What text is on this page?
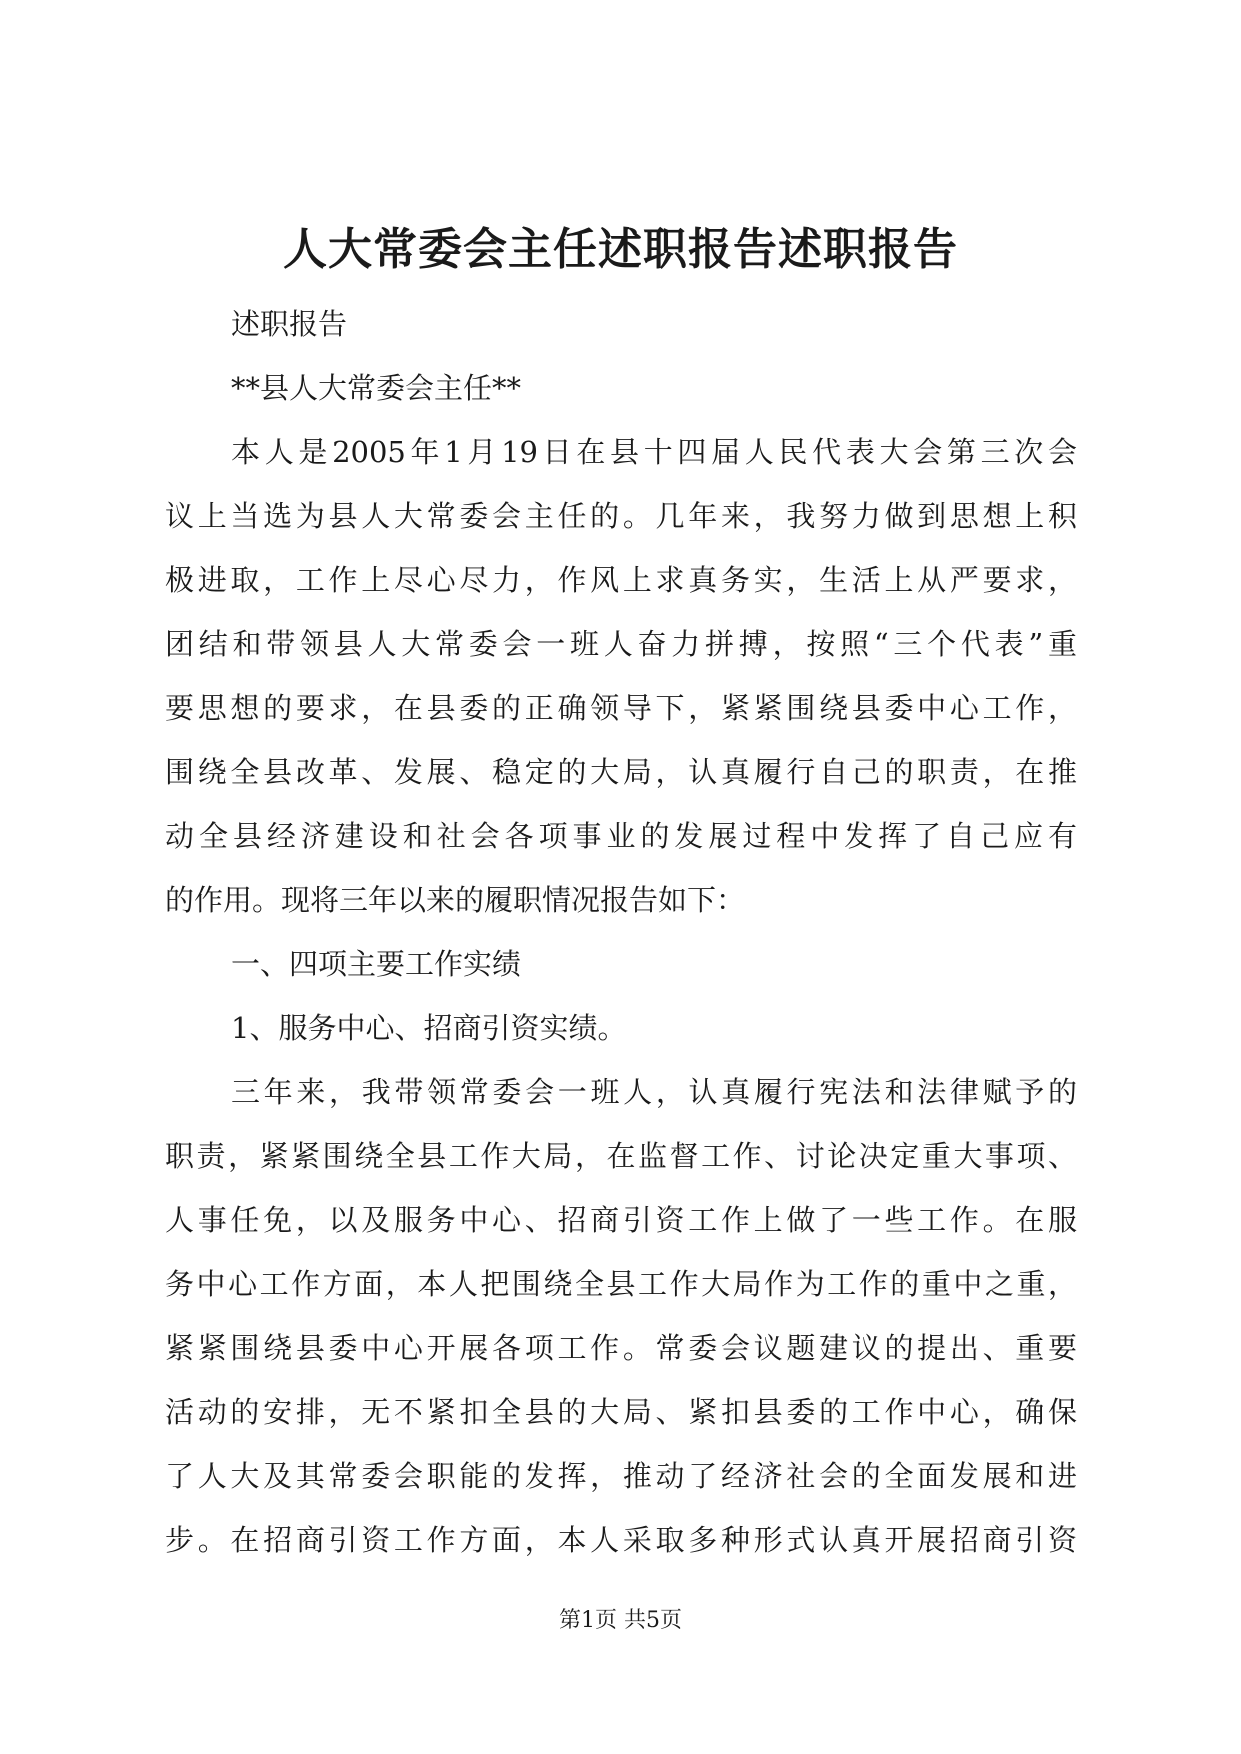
人大常委会主任述职报告述职报告
述职报告
**县人大常委会主任**
本人是2005年1月19日在县十四届人民代表大会第三次会
议上当选为县人大常委会主任的。几年来，我努力做到思想上积
极进取，工作上尽心尽力，作风上求真务实，生活上从严要求，
团结和带领县人大常委会一班人奋力拼搏，按照“三个代表”重
要思想的要求，在县委的正确领导下，紧紧围绕县委中心工作，
围绕全县改革、发展、稳定的大局，认真履行自己的职责，在推
动全县经济建设和社会各项事业的发展过程中发挥了自己应有
的作用。现将三年以来的履职情况报告如下：
一、四项主要工作实绩
1、服务中心、招商引资实绩。
三年来，我带领常委会一班人，认真履行宪法和法律赋予的
职责，紧紧围绕全县工作大局，在监督工作、讨论决定重大事项、
人事任免，以及服务中心、招商引资工作上做了一些工作。在服
务中心工作方面，本人把围绕全县工作大局作为工作的重中之重，
紧紧围绕县委中心开展各项工作。常委会议题建议的提出、重要
活动的安排，无不紧扣全县的大局、紧扣县委的工作中心，确保
了人大及其常委会职能的发挥，推动了经济社会的全面发展和进
步。在招商引资工作方面，本人采取多种形式认真开展招商引资
第1页 共5页
